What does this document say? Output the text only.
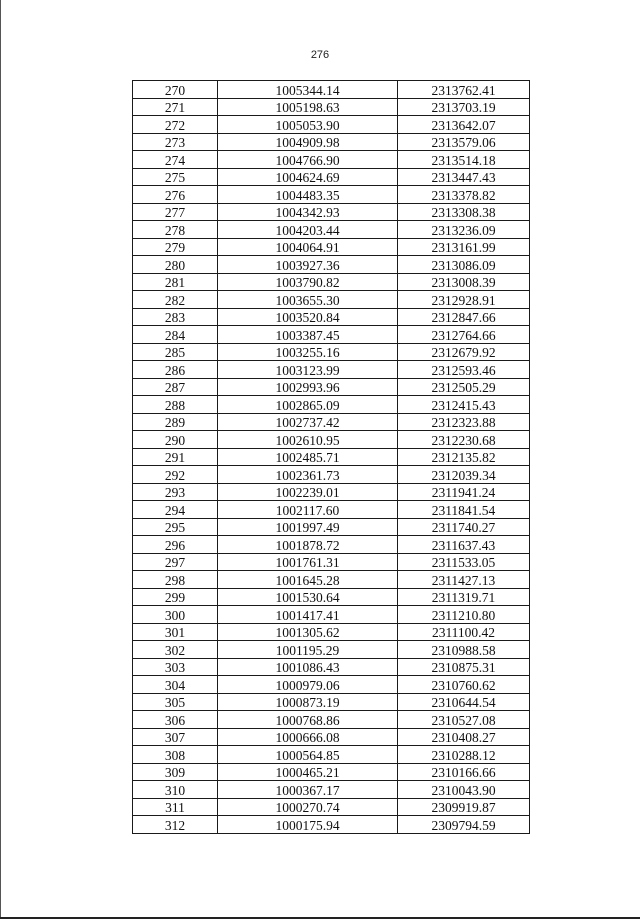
276
270	1005344.14	2313762.41
271	1005198.63	2313703.19
272	1005053.90	2313642.07
273	1004909.98	2313579.06
274	1004766.90	2313514.18
275	1004624.69	2313447.43
276	1004483.35	2313378.82
277	1004342.93	2313308.38
278	1004203.44	2313236.09
279	1004064.91	2313161.99
280	1003927.36	2313086.09
281	1003790.82	2313008.39
282	1003655.30	2312928.91
283	1003520.84	2312847.66
284	1003387.45	2312764.66
285	1003255.16	2312679.92
286	1003123.99	2312593.46
287	1002993.96	2312505.29
288	1002865.09	2312415.43
289	1002737.42	2312323.88
290	1002610.95	2312230.68
291	1002485.71	2312135.82
292	1002361.73	2312039.34
293	1002239.01	2311941.24
294	1002117.60	2311841.54
295	1001997.49	2311740.27
296	1001878.72	2311637.43
297	1001761.31	2311533.05
298	1001645.28	2311427.13
299	1001530.64	2311319.71
300	1001417.41	2311210.80
301	1001305.62	2311100.42
302	1001195.29	2310988.58
303	1001086.43	2310875.31
304	1000979.06	2310760.62
305	1000873.19	2310644.54
306	1000768.86	2310527.08
307	1000666.08	2310408.27
308	1000564.85	2310288.12
309	1000465.21	2310166.66
310	1000367.17	2310043.90
311	1000270.74	2309919.87
312	1000175.94	2309794.59
